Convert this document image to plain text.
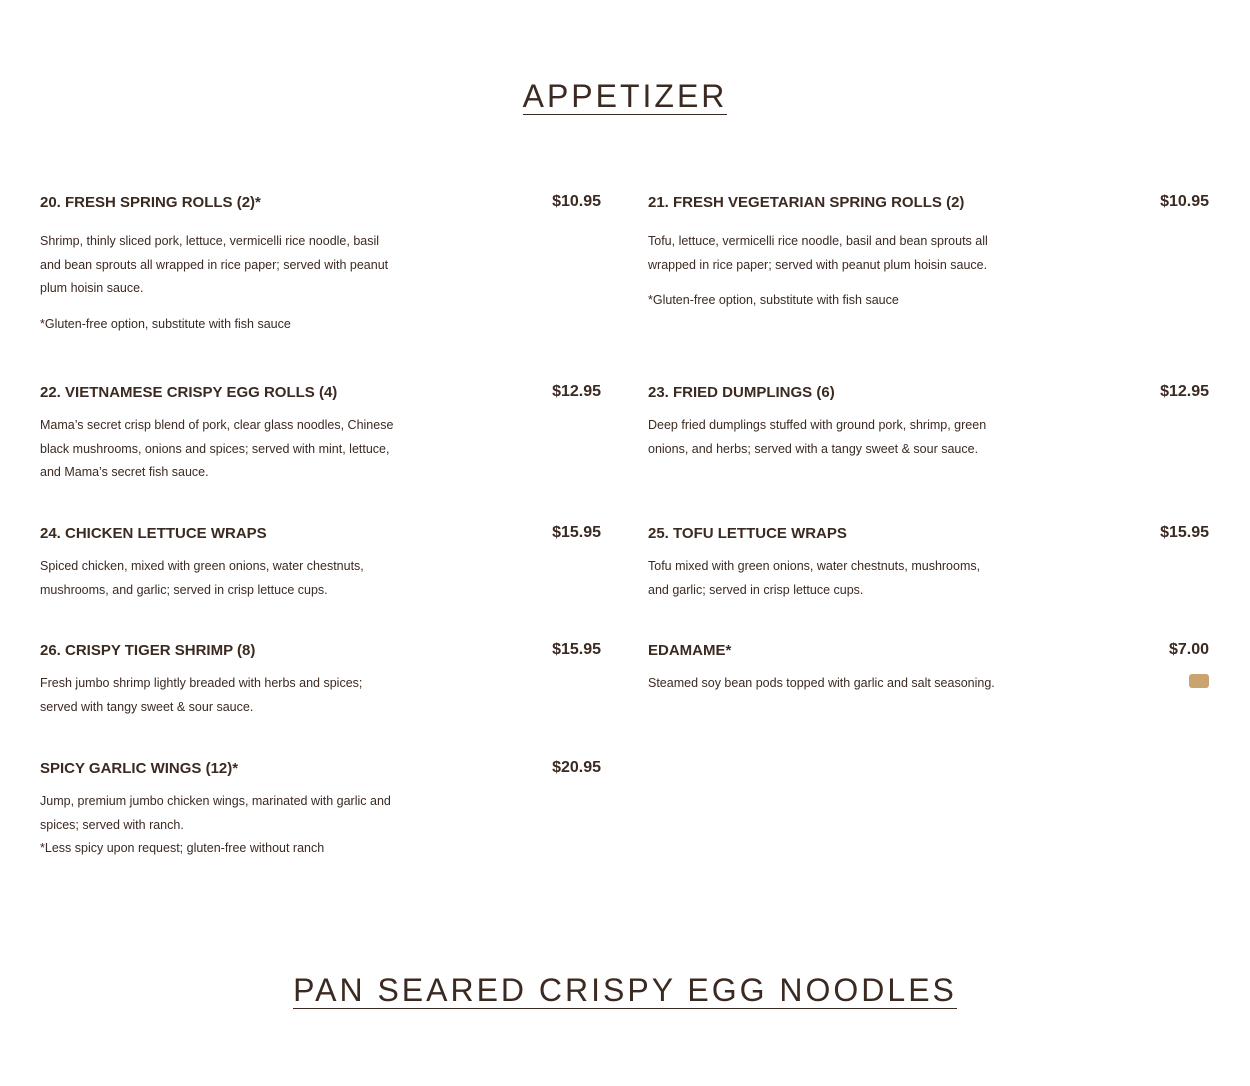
APPETIZER
20. FRESH SPRING ROLLS (2)*	$10.95

Shrimp, thinly sliced pork, lettuce, vermicelli rice noodle, basil and bean sprouts all wrapped in rice paper; served with peanut plum hoisin sauce.

*Gluten-free option, substitute with fish sauce

21. FRESH VEGETARIAN SPRING ROLLS (2)	$10.95

Tofu, lettuce, vermicelli rice noodle, basil and bean sprouts all wrapped in rice paper; served with peanut plum hoisin sauce.

*Gluten-free option, substitute with fish sauce

22. VIETNAMESE CRISPY EGG ROLLS (4)	$12.95

Mama’s secret crisp blend of pork, clear glass noodles, Chinese black mushrooms, onions and spices; served with mint, lettuce, and Mama’s secret fish sauce.

23. FRIED DUMPLINGS (6)	$12.95

Deep fried dumplings stuffed with ground pork, shrimp, green onions, and herbs; served with a tangy sweet & sour sauce.

24. CHICKEN LETTUCE WRAPS	$15.95

Spiced chicken, mixed with green onions, water chestnuts, mushrooms, and garlic; served in crisp lettuce cups.

25. TOFU LETTUCE WRAPS	$15.95

Tofu mixed with green onions, water chestnuts, mushrooms, and garlic; served in crisp lettuce cups.

26. CRISPY TIGER SHRIMP (8)	$15.95

Fresh jumbo shrimp lightly breaded with herbs and spices; served with tangy sweet & sour sauce.

EDAMAME*	$7.00

Steamed soy bean pods topped with garlic and salt seasoning.

SPICY GARLIC WINGS (12)*	$20.95

Jump, premium jumbo chicken wings, marinated with garlic and spices; served with ranch.

*Less spicy upon request; gluten-free without ranch

PAN SEARED CRISPY EGG NOODLES
